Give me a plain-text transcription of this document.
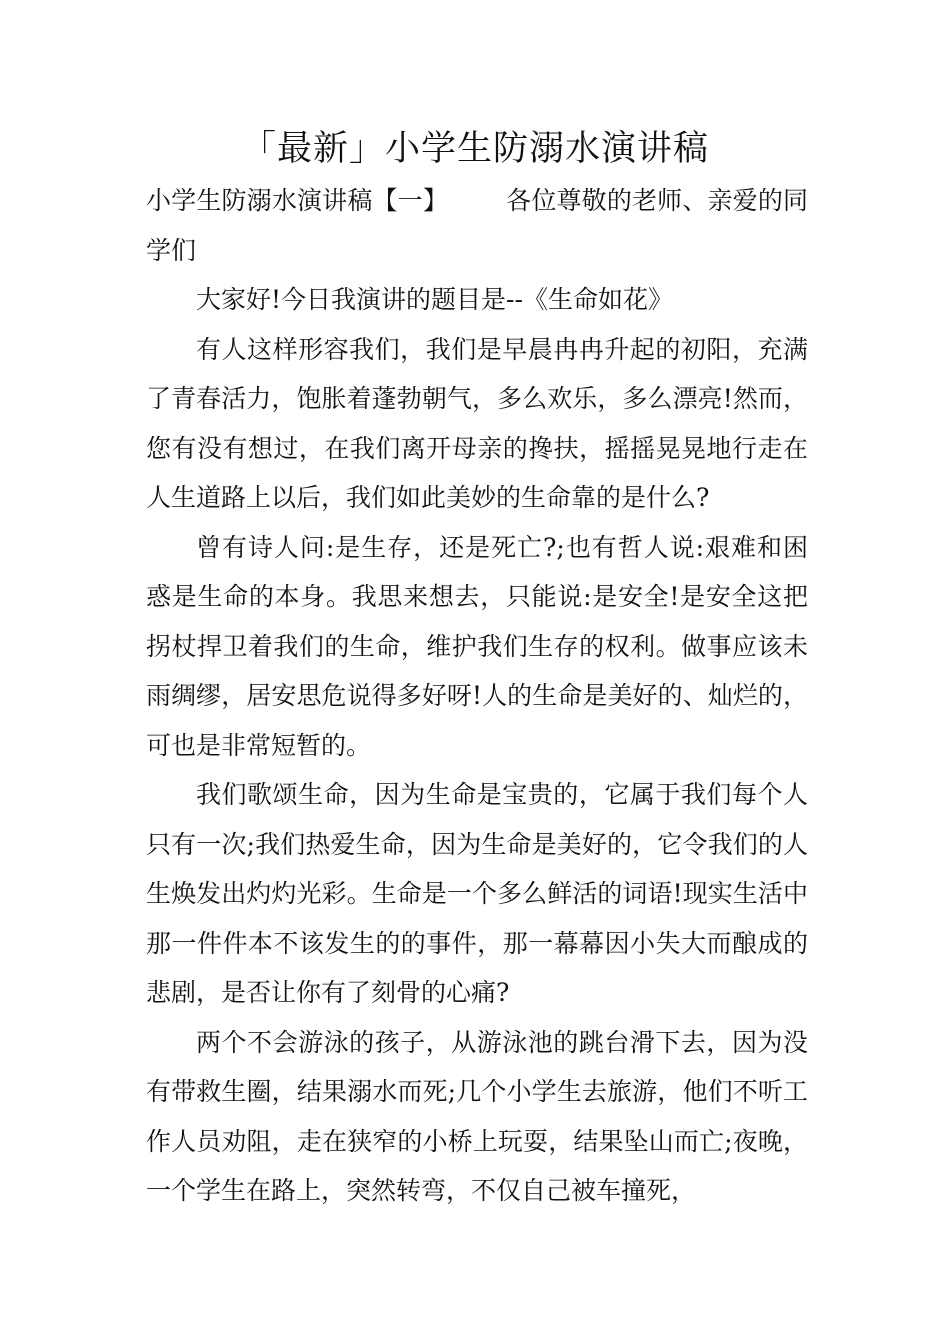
「最新」小学生防溺水演讲稿

小学生防溺水演讲稿【一】 各位尊敬的老师、亲爱的同学们

大家好!今日我演讲的题目是--《生命如花》

有人这样形容我们，我们是早晨冉冉升起的初阳，充满了青春活力，饱胀着蓬勃朝气，多么欢乐，多么漂亮!然而，您有没有想过，在我们离开母亲的搀扶，摇摇晃晃地行走在人生道路上以后，我们如此美妙的生命靠的是什么?

曾有诗人问:是生存，还是死亡?;也有哲人说:艰难和困惑是生命的本身。我思来想去，只能说:是安全!是安全这把拐杖捍卫着我们的生命，维护我们生存的权利。做事应该未雨绸缪，居安思危说得多好呀!人的生命是美好的、灿烂的，可也是非常短暂的。

我们歌颂生命，因为生命是宝贵的，它属于我们每个人只有一次;我们热爱生命，因为生命是美好的，它令我们的人生焕发出灼灼光彩。生命是一个多么鲜活的词语!现实生活中那一件件本不该发生的的事件，那一幕幕因小失大而酿成的悲剧，是否让你有了刻骨的心痛?

两个不会游泳的孩子，从游泳池的跳台滑下去，因为没有带救生圈，结果溺水而死;几个小学生去旅游，他们不听工作人员劝阻，走在狭窄的小桥上玩耍，结果坠山而亡;夜晚，一个学生在路上，突然转弯，不仅自己被车撞死，
